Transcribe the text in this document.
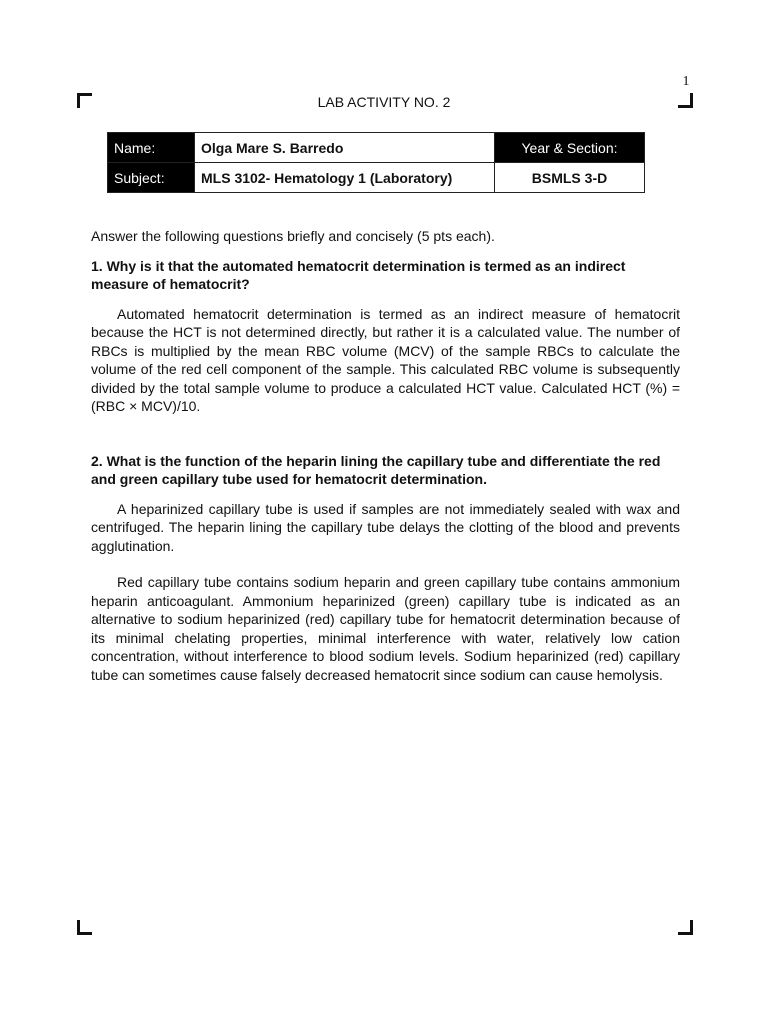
1
LAB ACTIVITY NO. 2
Name:	Olga Mare S. Barredo	Year & Section:
Subject:	MLS 3102- Hematology 1 (Laboratory)	BSMLS 3-D

Answer the following questions briefly and concisely (5 pts each).

1. Why is it that the automated hematocrit determination is termed as an indirect measure of hematocrit?

Automated hematocrit determination is termed as an indirect measure of hematocrit because the HCT is not determined directly, but rather it is a calculated value. The number of RBCs is multiplied by the mean RBC volume (MCV) of the sample RBCs to calculate the volume of the red cell component of the sample. This calculated RBC volume is subsequently divided by the total sample volume to produce a calculated HCT value. Calculated HCT (%) = (RBC × MCV)/10.

2. What is the function of the heparin lining the capillary tube and differentiate the red and green capillary tube used for hematocrit determination.

A heparinized capillary tube is used if samples are not immediately sealed with wax and centrifuged. The heparin lining the capillary tube delays the clotting of the blood and prevents agglutination.

Red capillary tube contains sodium heparin and green capillary tube contains ammonium heparin anticoagulant. Ammonium heparinized (green) capillary tube is indicated as an alternative to sodium heparinized (red) capillary tube for hematocrit determination because of its minimal chelating properties, minimal interference with water, relatively low cation concentration, without interference to blood sodium levels. Sodium heparinized (red) capillary tube can sometimes cause falsely decreased hematocrit since sodium can cause hemolysis.
